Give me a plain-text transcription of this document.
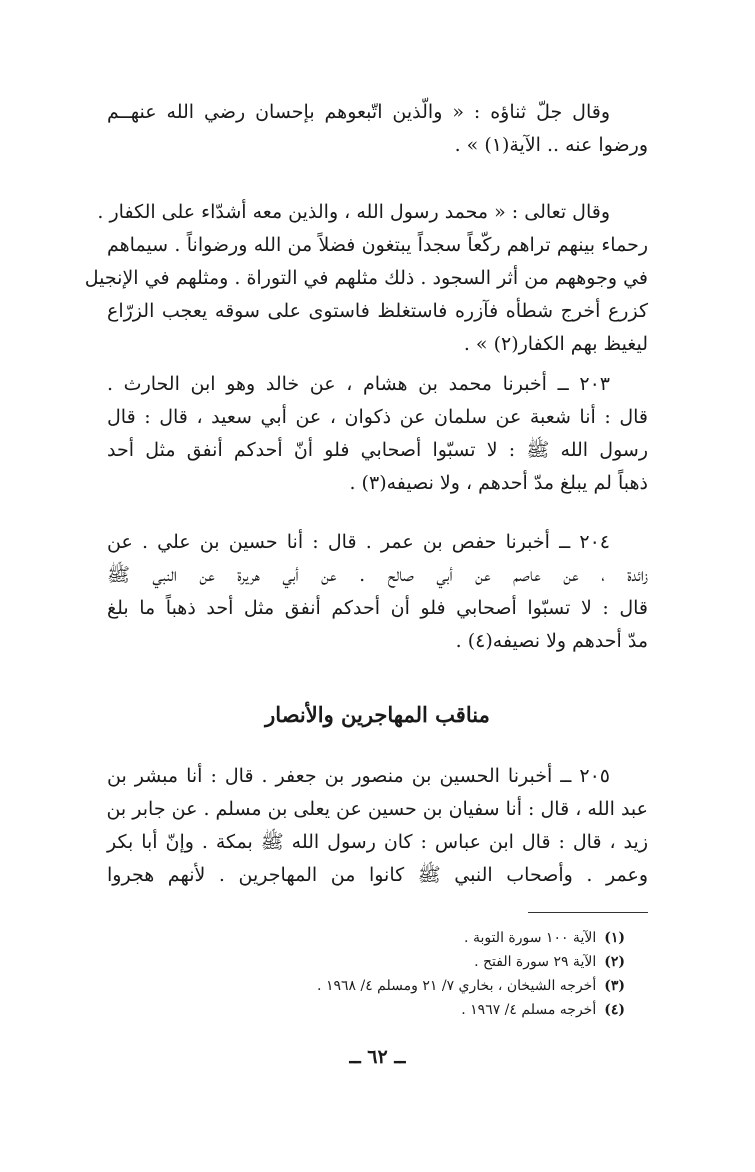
وقال جلّ ثناؤه : « والّذين اتّبعوهم بإحسان رضي الله عنهــم
ورضوا عنه .. الآية(١) » .
وقال تعالى : « محمد رسول الله ، والذين معه أشدّاء على الكفار .
رحماء بينهم تراهم ركّعاً سجداً يبتغون فضلاً من الله ورضواناً . سيماهم
في وجوههم من أثر السجود . ذلك مثلهم في التوراة . ومثلهم في الإنجيل
كزرع أخرج شطأه فآزره فاستغلظ فاستوى على سوقه يعجب الزرّاع
ليغيظ بهم الكفار(٢) » .
٢٠٣ ــ أخبرنا محمد بن هشام ، عن خالد وهو ابن الحارث .
قال : أنا شعبة عن سلمان عن ذكوان ، عن أبي سعيد ، قال : قال
رسول الله ﷺ : لا تسبّوا أصحابي فلو أنّ أحدكم أنفق مثل أحد
ذهباً لم يبلغ مدّ أحدهم ، ولا نصيفه(٣) .
٢٠٤ ــ أخبرنا حفص بن عمر . قال : أنا حسين بن علي . عن
زائدة ، عن عاصم عن أبي صالح . عن أبي هريرة عن النبي ﷺ
قال : لا تسبّوا أصحابي فلو أن أحدكم أنفق مثل أحد ذهباً ما بلغ
مدّ أحدهم ولا نصيفه(٤) .
مناقب المهاجرين والأنصار
٢٠٥ ــ أخبرنا الحسين بن منصور بن جعفر . قال : أنا مبشر بن
عبد الله ، قال : أنا سفيان بن حسين عن يعلى بن مسلم . عن جابر بن
زيد ، قال : قال ابن عباس : كان رسول الله ﷺ بمكة . وإنّ أبا بكر
وعمر . وأصحاب النبي ﷺ كانوا من المهاجرين . لأنهم هجروا
(١)الآية ١٠٠ سورة التوبة .
(٢)الآية ٢٩ سورة الفتح .
(٣)أخرجه الشيخان ، بخاري ٧/ ٢١ ومسلم ٤/ ١٩٦٨ .
(٤)أخرجه مسلم ٤/ ١٩٦٧ .
ــ ٦٢ ــ
